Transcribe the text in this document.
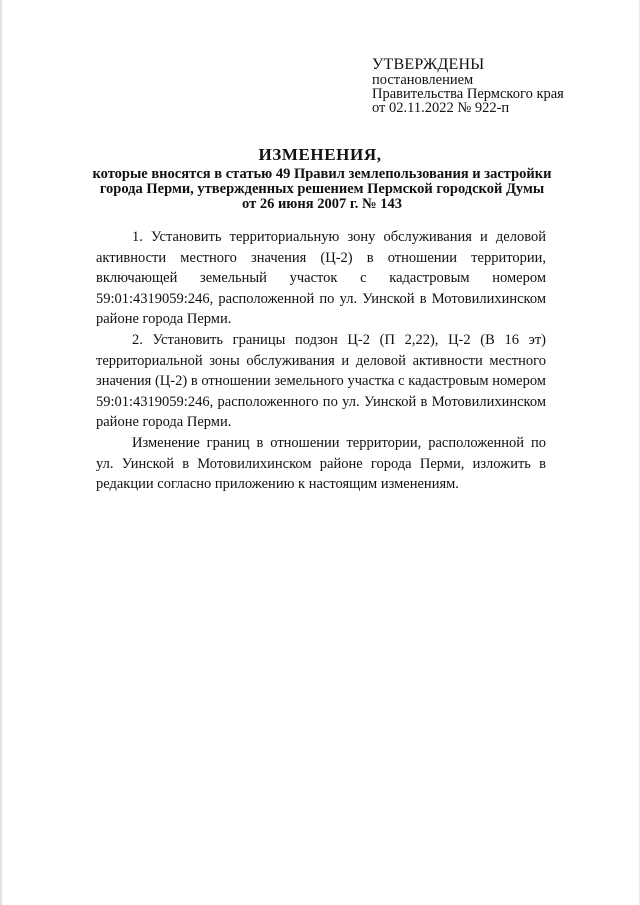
УТВЕРЖДЕНЫ
постановлением
Правительства Пермского края
от 02.11.2022 № 922-п
ИЗМЕНЕНИЯ,
которые вносятся в статью 49 Правил землепользования и застройки
города Перми, утвержденных решением Пермской городской Думы
от 26 июня 2007 г. № 143

1. Установить территориальную зону обслуживания и деловой активности местного значения (Ц-2) в отношении территории, включающей земельный участок с кадастровым номером 59:01:4319059:246, расположенной по ул. Уинской в Мотовилихинском районе города Перми.

2. Установить границы подзон Ц-2 (П 2,22), Ц-2 (В 16 эт) территориальной зоны обслуживания и деловой активности местного значения (Ц-2) в отношении земельного участка с кадастровым номером 59:01:4319059:246, расположенного по ул. Уинской в Мотовилихинском районе города Перми.

Изменение границ в отношении территории, расположенной по ул. Уинской в Мотовилихинском районе города Перми, изложить в редакции согласно приложению к настоящим изменениям.
